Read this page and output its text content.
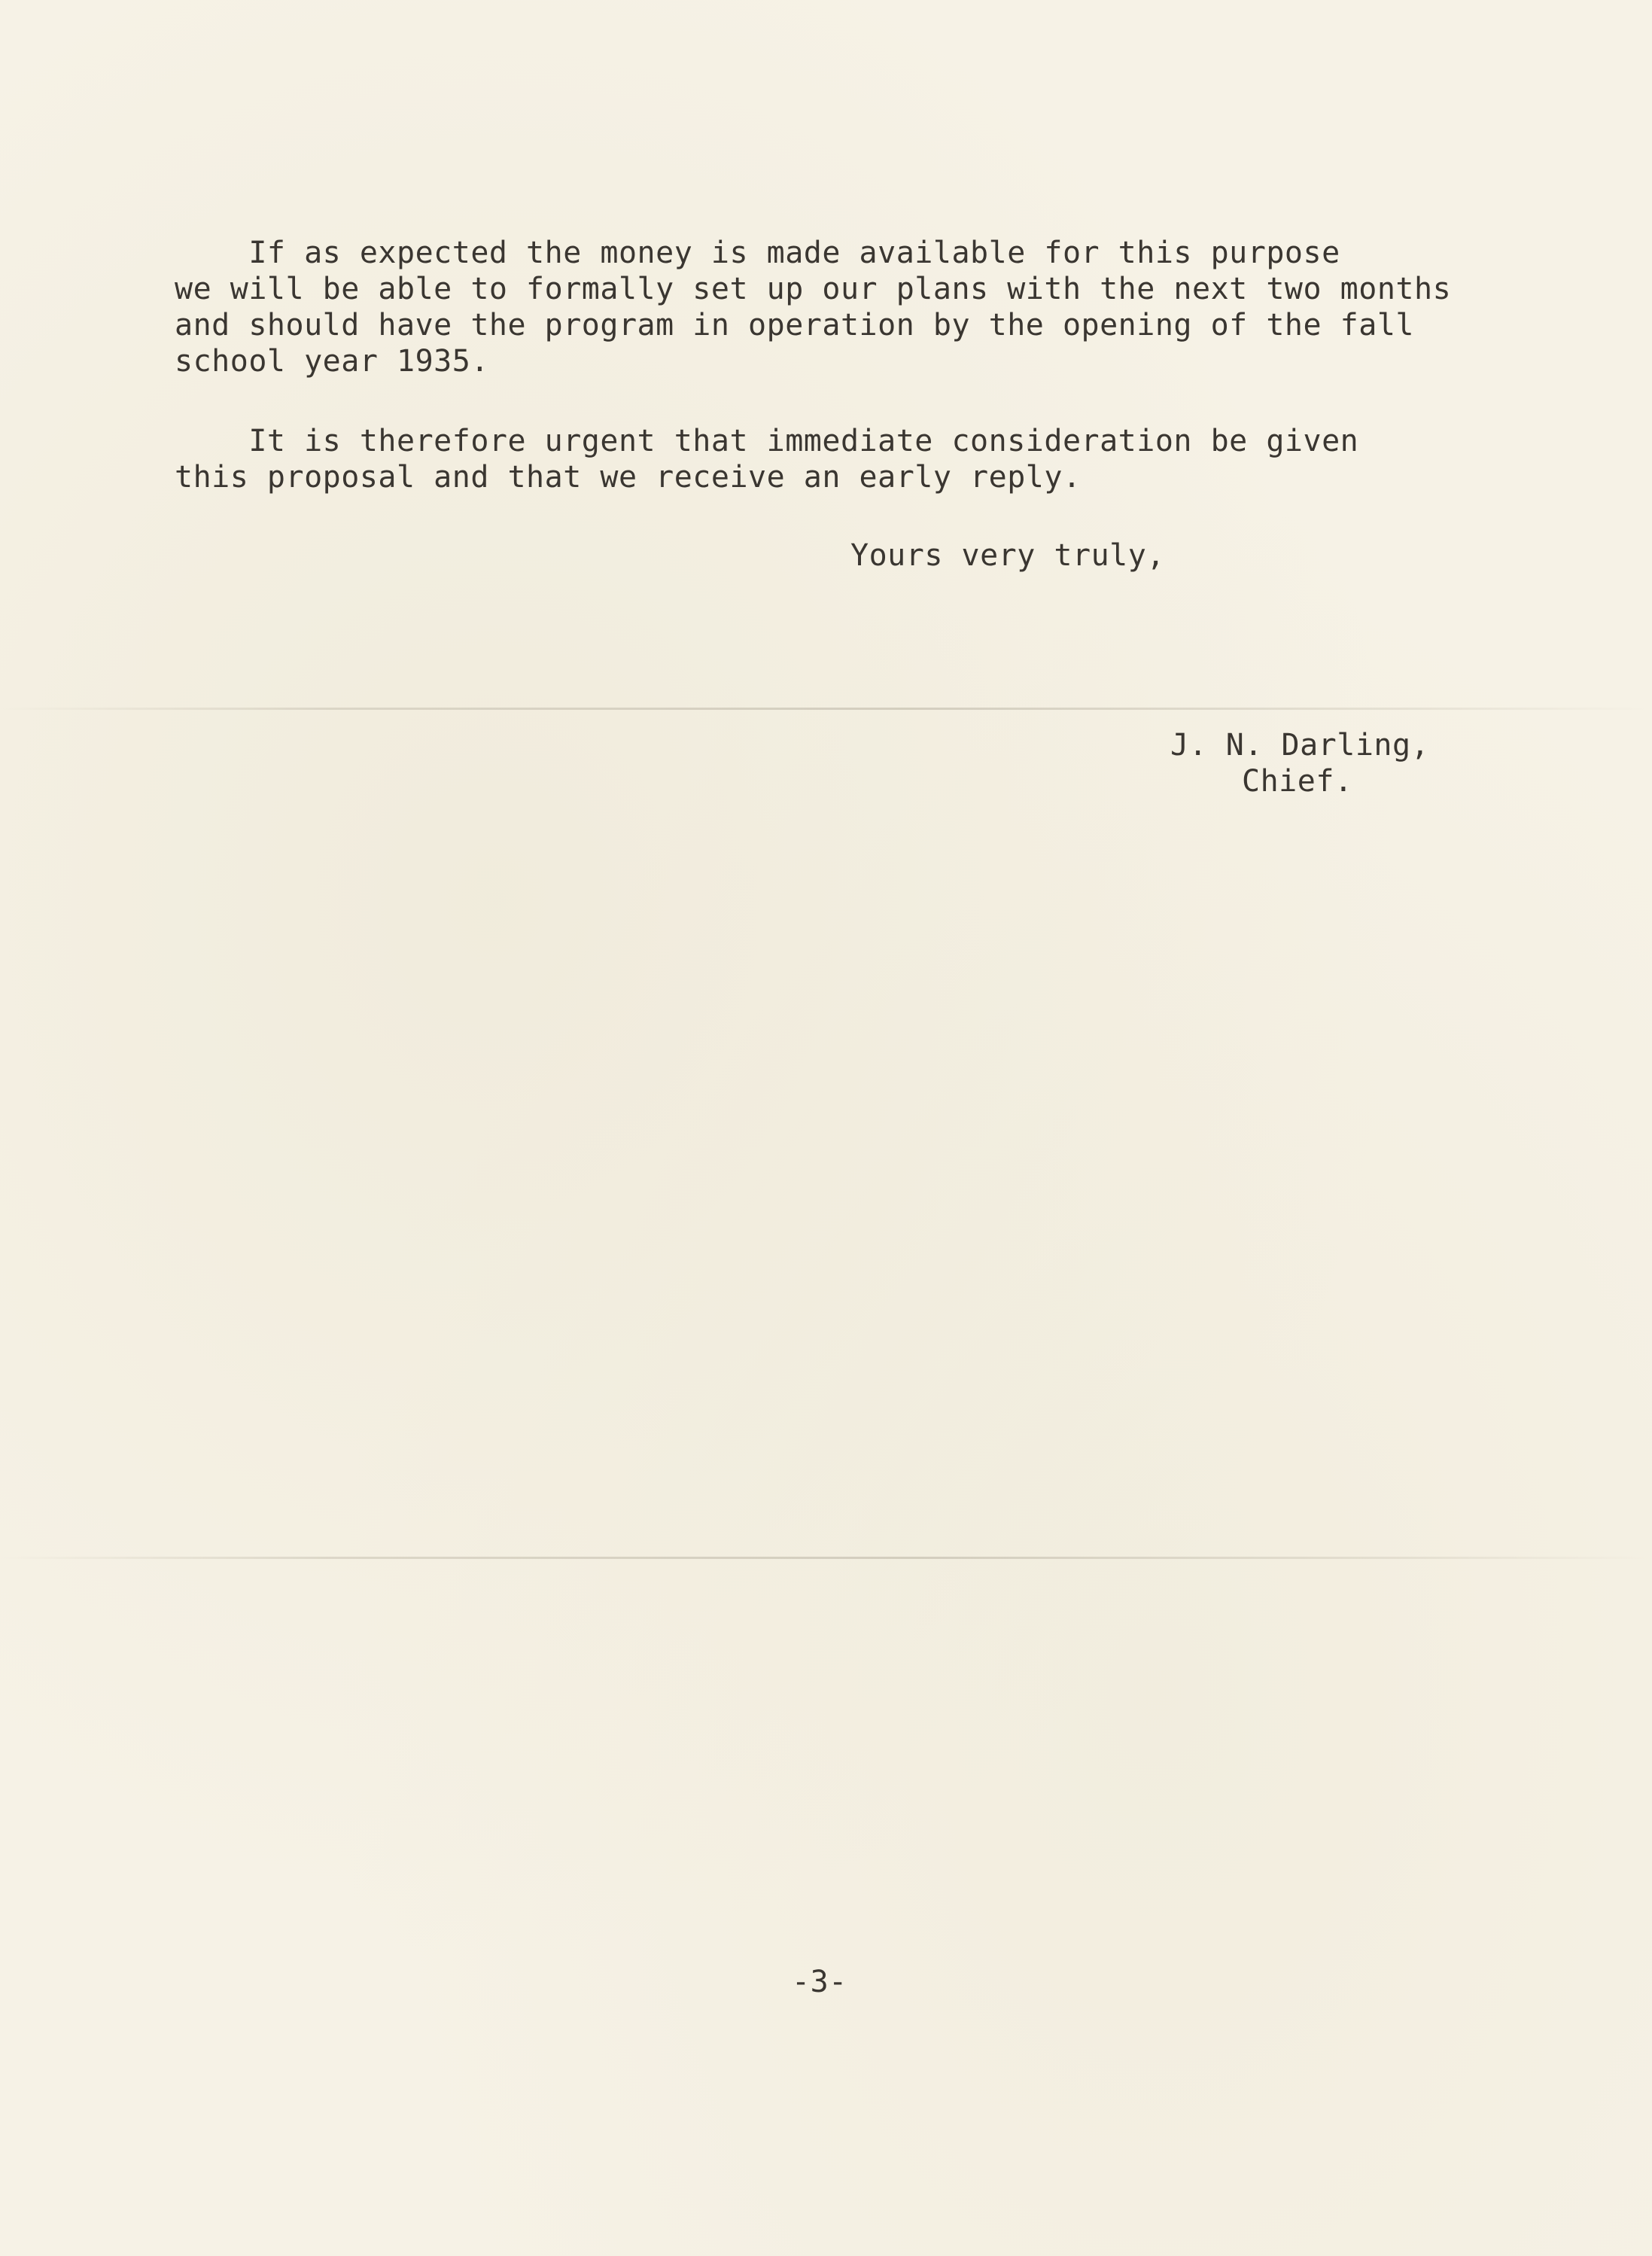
If as expected the money is made available for this purpose
we will be able to formally set up our plans with the next two months
and should have the program in operation by the opening of the fall
school year 1935.
It is therefore urgent that immediate consideration be given
this proposal and that we receive an early reply.
Yours very truly,
J. N. Darling,
Chief.
-3-
